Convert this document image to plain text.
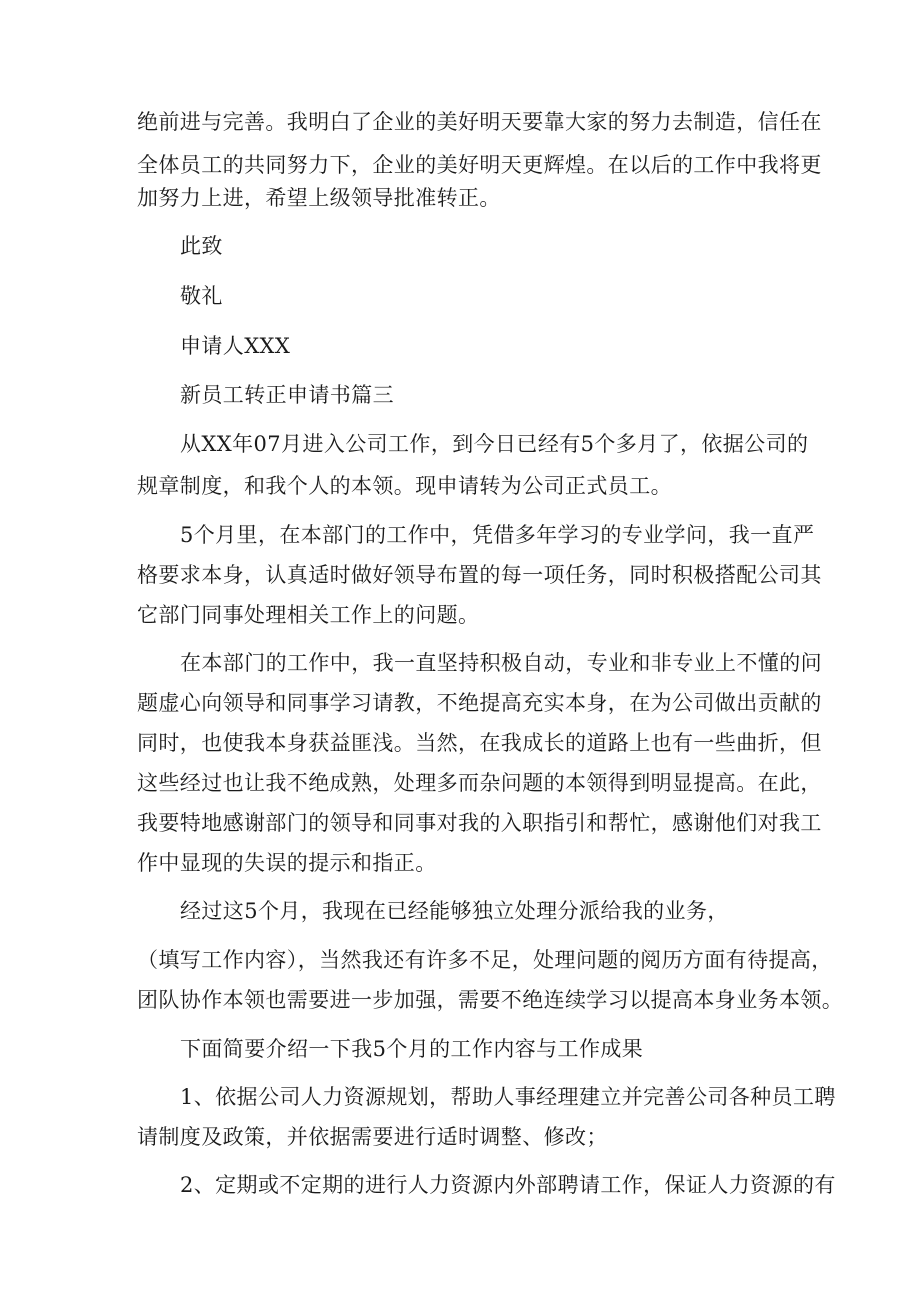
绝前进与完善。我明白了企业的美好明天要靠大家的努力去制造，信任在
全体员工的共同努力下，企业的美好明天更辉煌。在以后的工作中我将更
加努力上进，希望上级领导批准转正。
此致
敬礼
申请人XXX
新员工转正申请书篇三
从XX年07月进入公司工作，到今日已经有5个多月了，依据公司的
规章制度，和我个人的本领。现申请转为公司正式员工。
5个月里，在本部门的工作中，凭借多年学习的专业学问，我一直严
格要求本身，认真适时做好领导布置的每一项任务，同时积极搭配公司其
它部门同事处理相关工作上的问题。
在本部门的工作中，我一直坚持积极自动，专业和非专业上不懂的问
题虚心向领导和同事学习请教，不绝提高充实本身，在为公司做出贡献的
同时，也使我本身获益匪浅。当然，在我成长的道路上也有一些曲折，但
这些经过也让我不绝成熟，处理多而杂问题的本领得到明显提高。在此，
我要特地感谢部门的领导和同事对我的入职指引和帮忙，感谢他们对我工
作中显现的失误的提示和指正。
经过这5个月，我现在已经能够独立处理分派给我的业务，
（填写工作内容），当然我还有许多不足，处理问题的阅历方面有待提高，
团队协作本领也需要进一步加强，需要不绝连续学习以提高本身业务本领。
下面简要介绍一下我5个月的工作内容与工作成果
1、依据公司人力资源规划，帮助人事经理建立并完善公司各种员工聘
请制度及政策，并依据需要进行适时调整、修改；
2、定期或不定期的进行人力资源内外部聘请工作，保证人力资源的有
